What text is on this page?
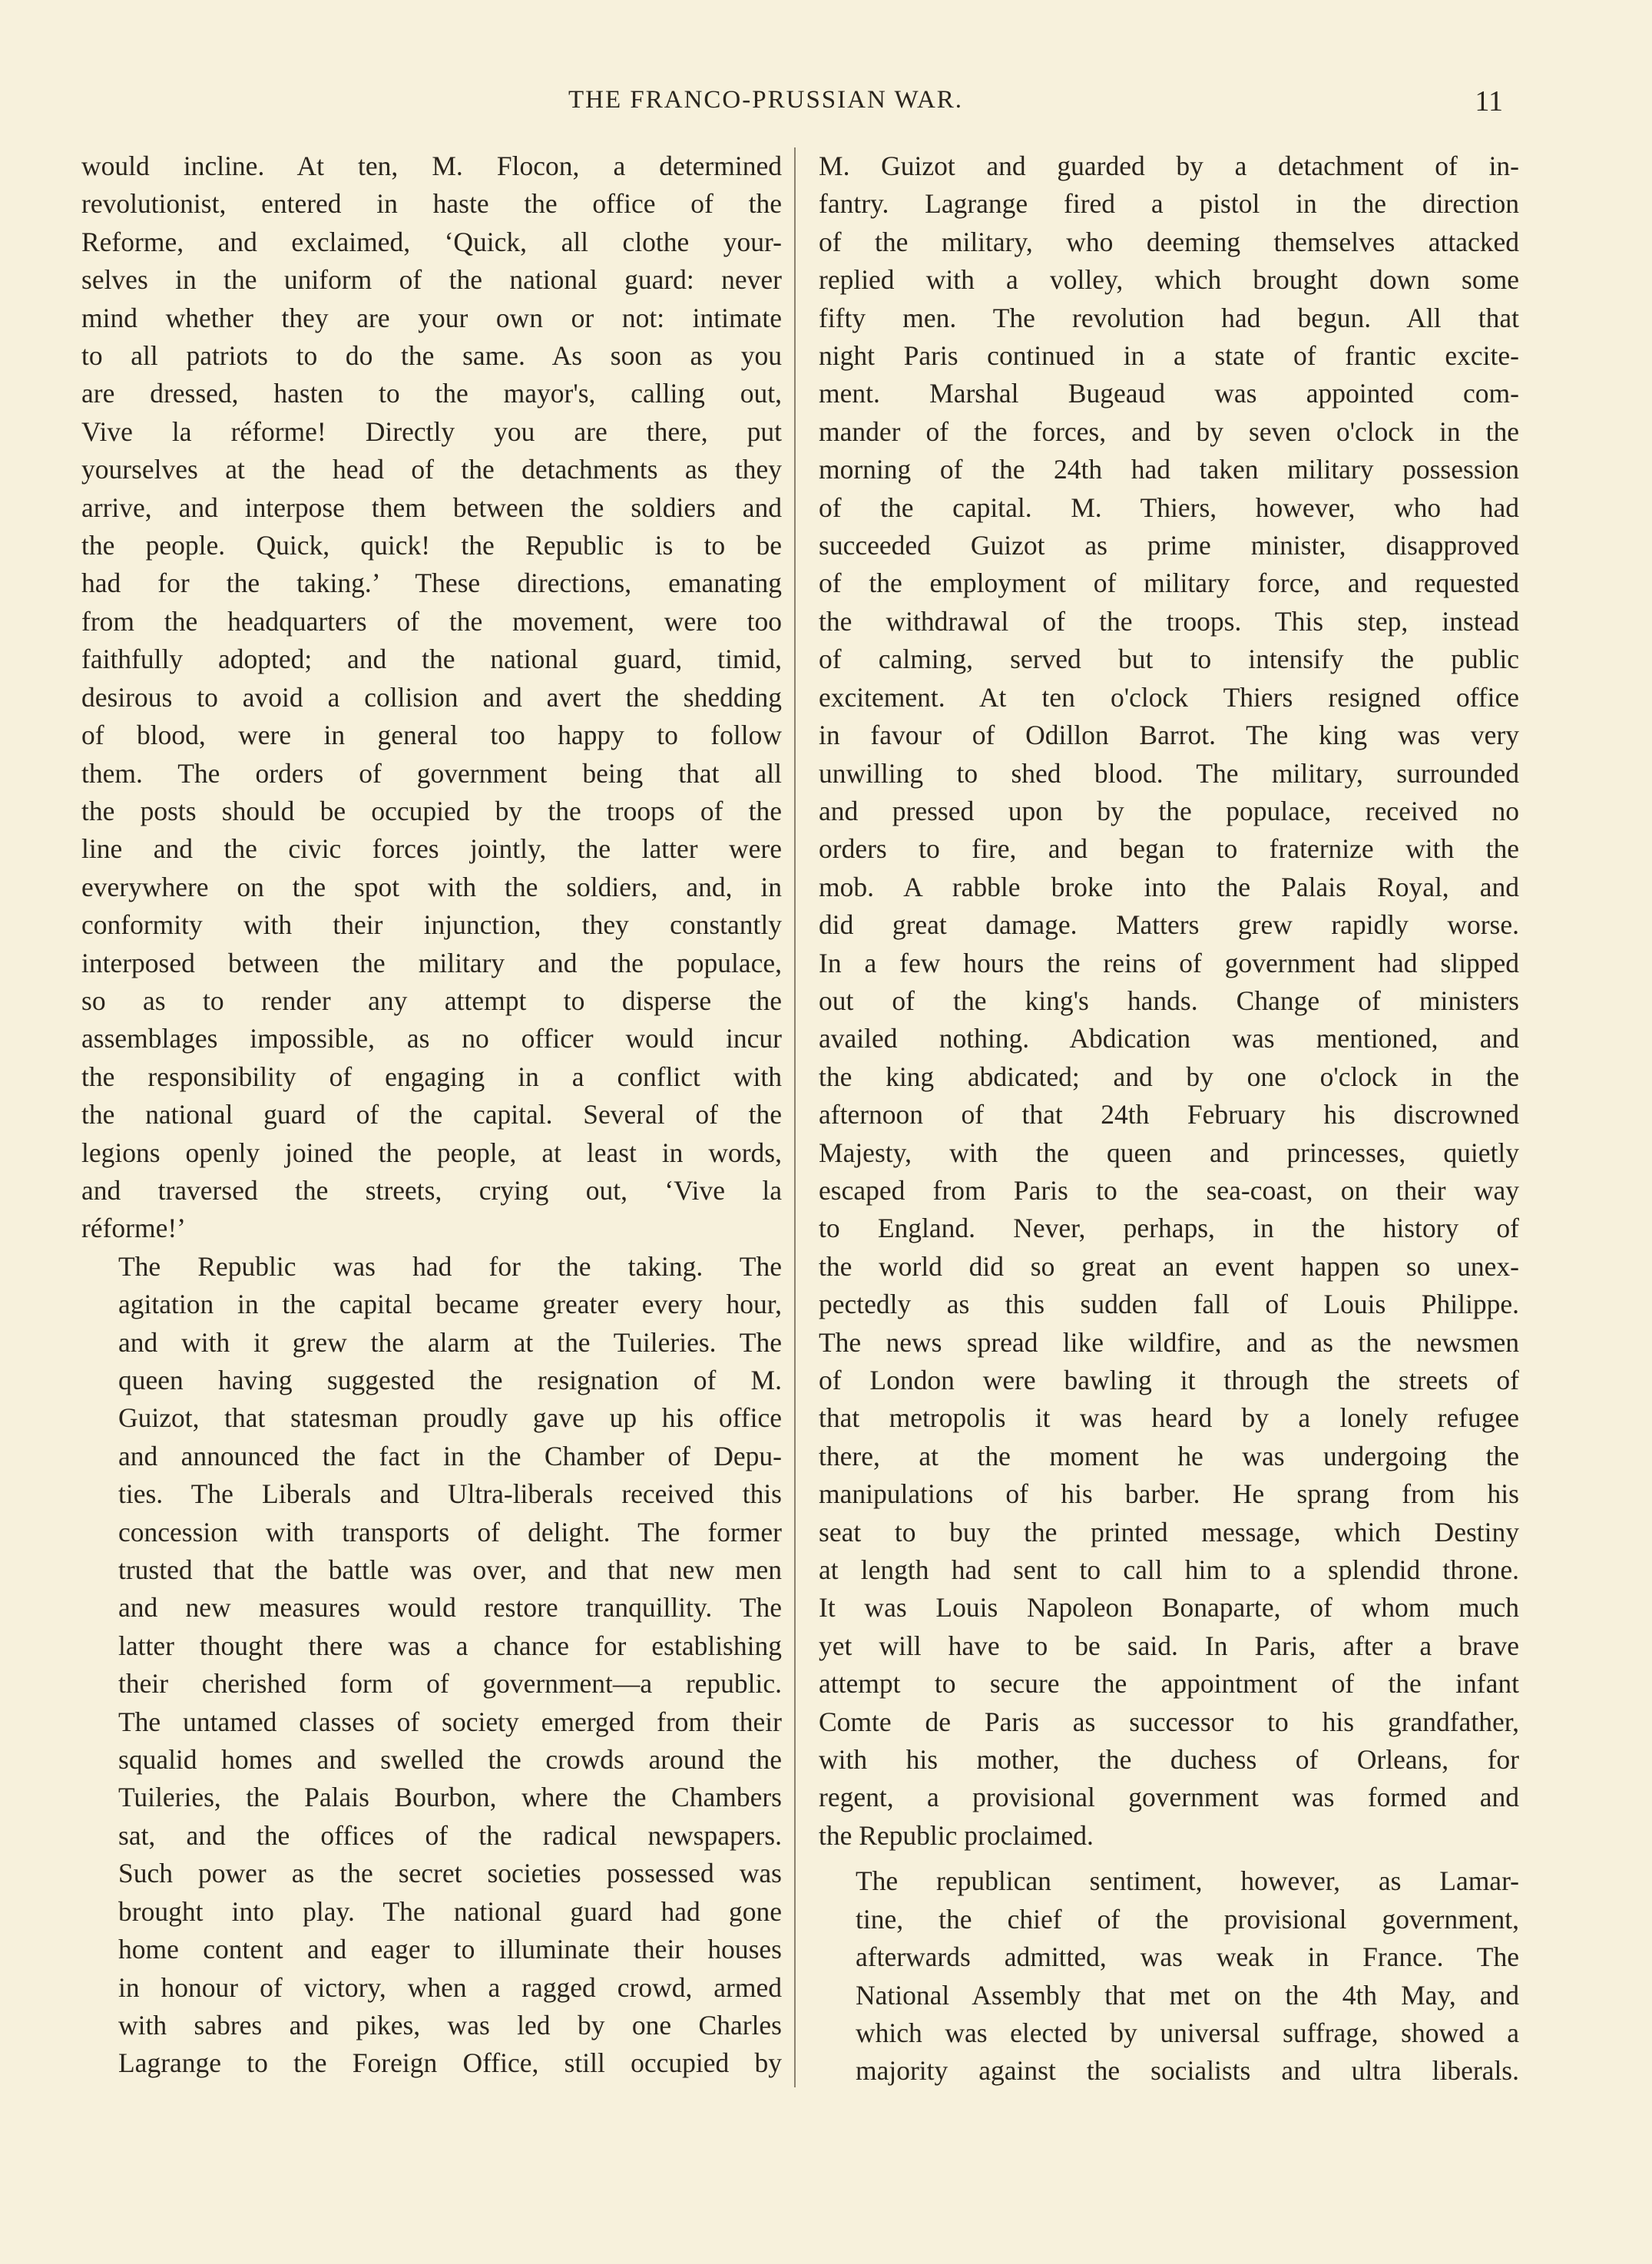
THE FRANCO-PRUSSIAN WAR.	11

would incline. At ten, M. Flocon, a determined
revolutionist, entered in haste the office of the
Reforme, and exclaimed, ‘Quick, all clothe your-
selves in the uniform of the national guard: never
mind whether they are your own or not: intimate
to all patriots to do the same. As soon as you
are dressed, hasten to the mayor's, calling out,
Vive la réforme! Directly you are there, put
yourselves at the head of the detachments as they
arrive, and interpose them between the soldiers and
the people. Quick, quick! the Republic is to be
had for the taking.’ These directions, emanating
from the headquarters of the movement, were too
faithfully adopted; and the national guard, timid,
desirous to avoid a collision and avert the shedding
of blood, were in general too happy to follow
them. The orders of government being that all
the posts should be occupied by the troops of the
line and the civic forces jointly, the latter were
everywhere on the spot with the soldiers, and, in
conformity with their injunction, they constantly
interposed between the military and the populace,
so as to render any attempt to disperse the
assemblages impossible, as no officer would incur
the responsibility of engaging in a conflict with
the national guard of the capital. Several of the
legions openly joined the people, at least in words,
and traversed the streets, crying out, ‘Vive la
réforme!’

The Republic was had for the taking. The
agitation in the capital became greater every hour,
and with it grew the alarm at the Tuileries. The
queen having suggested the resignation of M.
Guizot, that statesman proudly gave up his office
and announced the fact in the Chamber of Depu-
ties. The Liberals and Ultra-liberals received this
concession with transports of delight. The former
trusted that the battle was over, and that new men
and new measures would restore tranquillity. The
latter thought there was a chance for establishing
their cherished form of government—a republic.
The untamed classes of society emerged from their
squalid homes and swelled the crowds around the
Tuileries, the Palais Bourbon, where the Chambers
sat, and the offices of the radical newspapers.
Such power as the secret societies possessed was
brought into play. The national guard had gone
home content and eager to illuminate their houses
in honour of victory, when a ragged crowd, armed
with sabres and pikes, was led by one Charles
Lagrange to the Foreign Office, still occupied by

M. Guizot and guarded by a detachment of in-
fantry. Lagrange fired a pistol in the direction
of the military, who deeming themselves attacked
replied with a volley, which brought down some
fifty men. The revolution had begun. All that
night Paris continued in a state of frantic excite-
ment. Marshal Bugeaud was appointed com-
mander of the forces, and by seven o'clock in the
morning of the 24th had taken military possession
of the capital. M. Thiers, however, who had
succeeded Guizot as prime minister, disapproved
of the employment of military force, and requested
the withdrawal of the troops. This step, instead
of calming, served but to intensify the public
excitement. At ten o'clock Thiers resigned office
in favour of Odillon Barrot. The king was very
unwilling to shed blood. The military, surrounded
and pressed upon by the populace, received no
orders to fire, and began to fraternize with the
mob. A rabble broke into the Palais Royal, and
did great damage. Matters grew rapidly worse.
In a few hours the reins of government had slipped
out of the king's hands. Change of ministers
availed nothing. Abdication was mentioned, and
the king abdicated; and by one o'clock in the
afternoon of that 24th February his discrowned
Majesty, with the queen and princesses, quietly
escaped from Paris to the sea-coast, on their way
to England. Never, perhaps, in the history of
the world did so great an event happen so unex-
pectedly as this sudden fall of Louis Philippe.
The news spread like wildfire, and as the newsmen
of London were bawling it through the streets of
that metropolis it was heard by a lonely refugee
there, at the moment he was undergoing the
manipulations of his barber. He sprang from his
seat to buy the printed message, which Destiny
at length had sent to call him to a splendid throne.
It was Louis Napoleon Bonaparte, of whom much
yet will have to be said. In Paris, after a brave
attempt to secure the appointment of the infant
Comte de Paris as successor to his grandfather,
with his mother, the duchess of Orleans, for
regent, a provisional government was formed and
the Republic proclaimed.

The republican sentiment, however, as Lamar-
tine, the chief of the provisional government,
afterwards admitted, was weak in France. The
National Assembly that met on the 4th May, and
which was elected by universal suffrage, showed a
majority against the socialists and ultra liberals.
